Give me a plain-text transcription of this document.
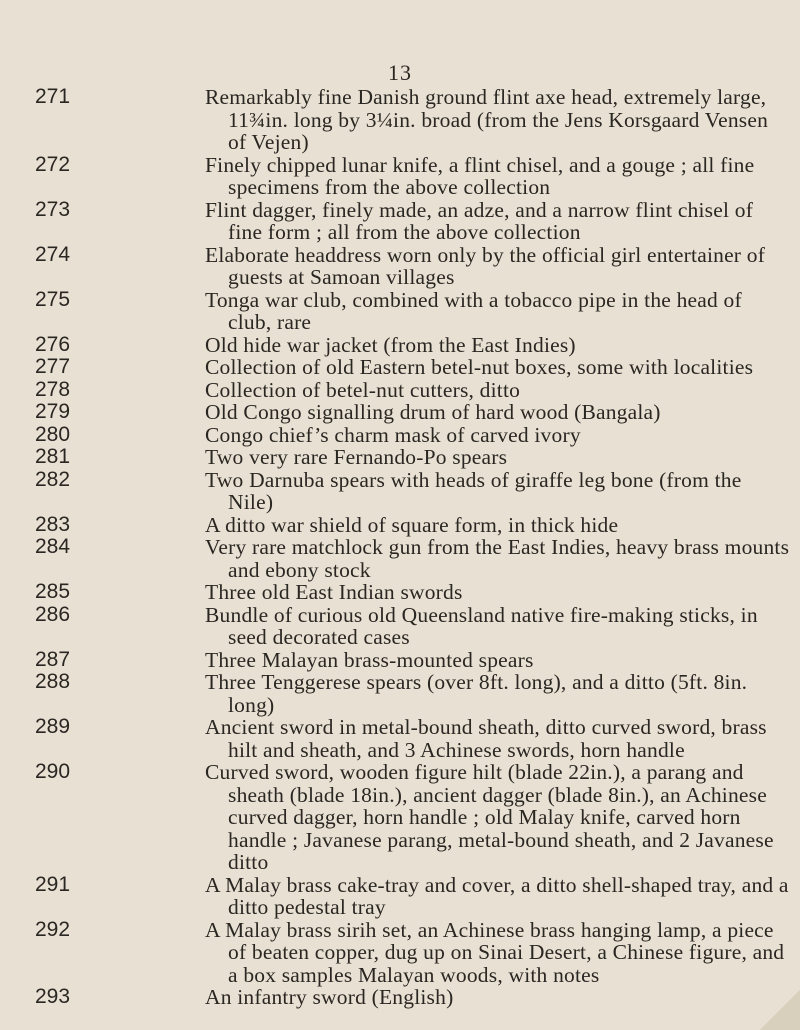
13
271	Remarkably fine Danish ground flint axe head, extremely large, 11¾in. long by 3¼in. broad (from the Jens Korsgaard Vensen of Vejen)
272	Finely chipped lunar knife, a flint chisel, and a gouge ; all fine specimens from the above collection
273	Flint dagger, finely made, an adze, and a narrow flint chisel of fine form ; all from the above collection
274	Elaborate headdress worn only by the official girl entertainer of guests at Samoan villages
275	Tonga war club, combined with a tobacco pipe in the head of club, rare
276	Old hide war jacket (from the East Indies)
277	Collection of old Eastern betel-nut boxes, some with localities
278	Collection of betel-nut cutters, ditto
279	Old Congo signalling drum of hard wood (Bangala)
280	Congo chief’s charm mask of carved ivory
281	Two very rare Fernando-Po spears
282	Two Darnuba spears with heads of giraffe leg bone (from the Nile)
283	A ditto war shield of square form, in thick hide
284	Very rare matchlock gun from the East Indies, heavy brass mounts and ebony stock
285	Three old East Indian swords
286	Bundle of curious old Queensland native fire-making sticks, in seed decorated cases
287	Three Malayan brass-mounted spears
288	Three Tenggerese spears (over 8ft. long), and a ditto (5ft. 8in. long)
289	Ancient sword in metal-bound sheath, ditto curved sword, brass hilt and sheath, and 3 Achinese swords, horn handle
290	Curved sword, wooden figure hilt (blade 22in.), a parang and sheath (blade 18in.), ancient dagger (blade 8in.), an Achinese curved dagger, horn handle ; old Malay knife, carved horn handle ; Javanese parang, metal-bound sheath, and 2 Javanese ditto
291	A Malay brass cake-tray and cover, a ditto shell-shaped tray, and a ditto pedestal tray
292	A Malay brass sirih set, an Achinese brass hanging lamp, a piece of beaten copper, dug up on Sinai Desert, a Chinese figure, and a box samples Malayan woods, with notes
293	An infantry sword (English)
